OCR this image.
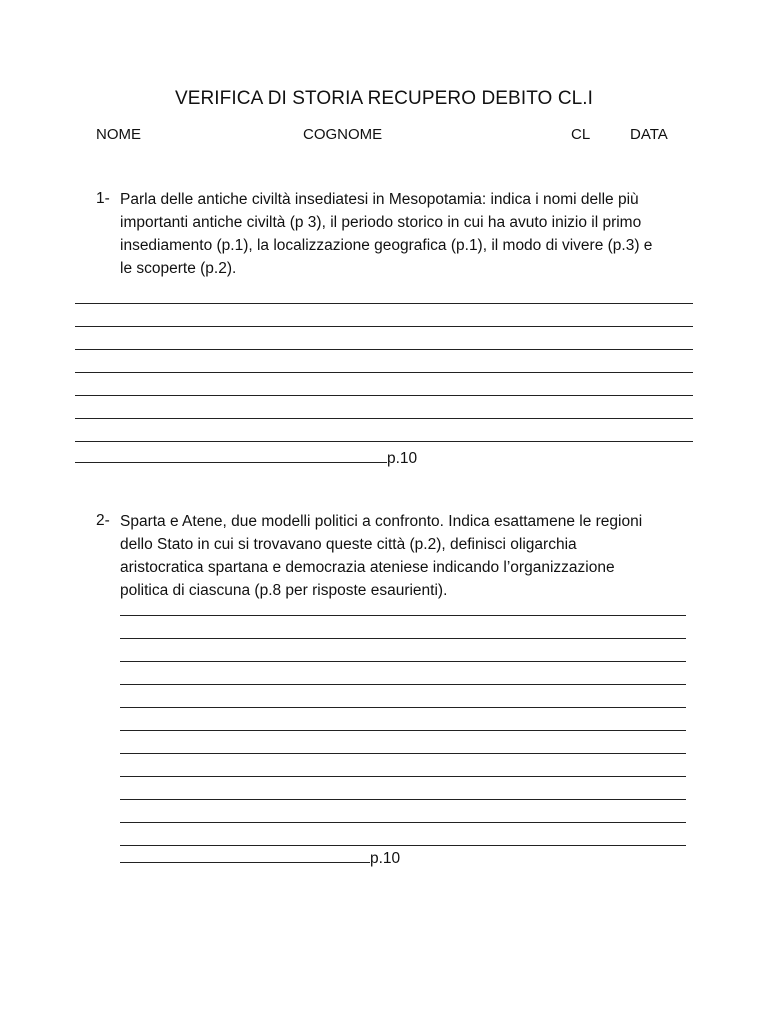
VERIFICA DI STORIA RECUPERO DEBITO CL.I
NOME	COGNOME	CL	DATA
1- Parla delle antiche civiltà insediatesi in Mesopotamia: indica i nomi delle più
importanti antiche civiltà (p 3), il periodo storico in cui ha avuto inizio il primo
insediamento (p.1), la localizzazione geografica (p.1), il modo di vivere (p.3) e
le scoperte (p.2).
p.10
2- Sparta e Atene, due modelli politici a confronto. Indica esattamene le regioni
dello Stato in cui si trovavano queste città (p.2), definisci oligarchia
aristocratica spartana e democrazia ateniese indicando l’organizzazione
politica di ciascuna (p.8 per risposte esaurienti).
p.10
